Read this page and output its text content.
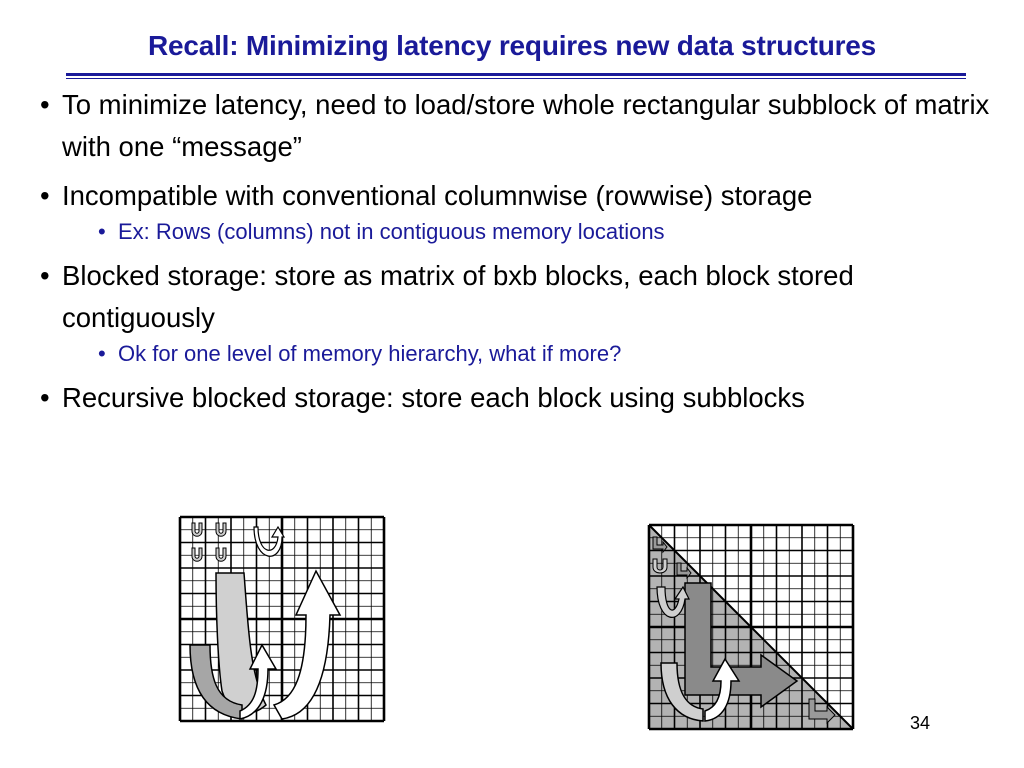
Recall: Minimizing latency requires new data structures
• To minimize latency, need to load/store whole rectangular subblock of matrix with one “message”
• Incompatible with conventional columnwise (rowwise) storage
• Ex: Rows (columns) not in contiguous memory locations
• Blocked storage: store as matrix of bxb blocks, each block stored contiguously
• Ok for one level of memory hierarchy, what if more?
• Recursive blocked storage: store each block using subblocks
34
